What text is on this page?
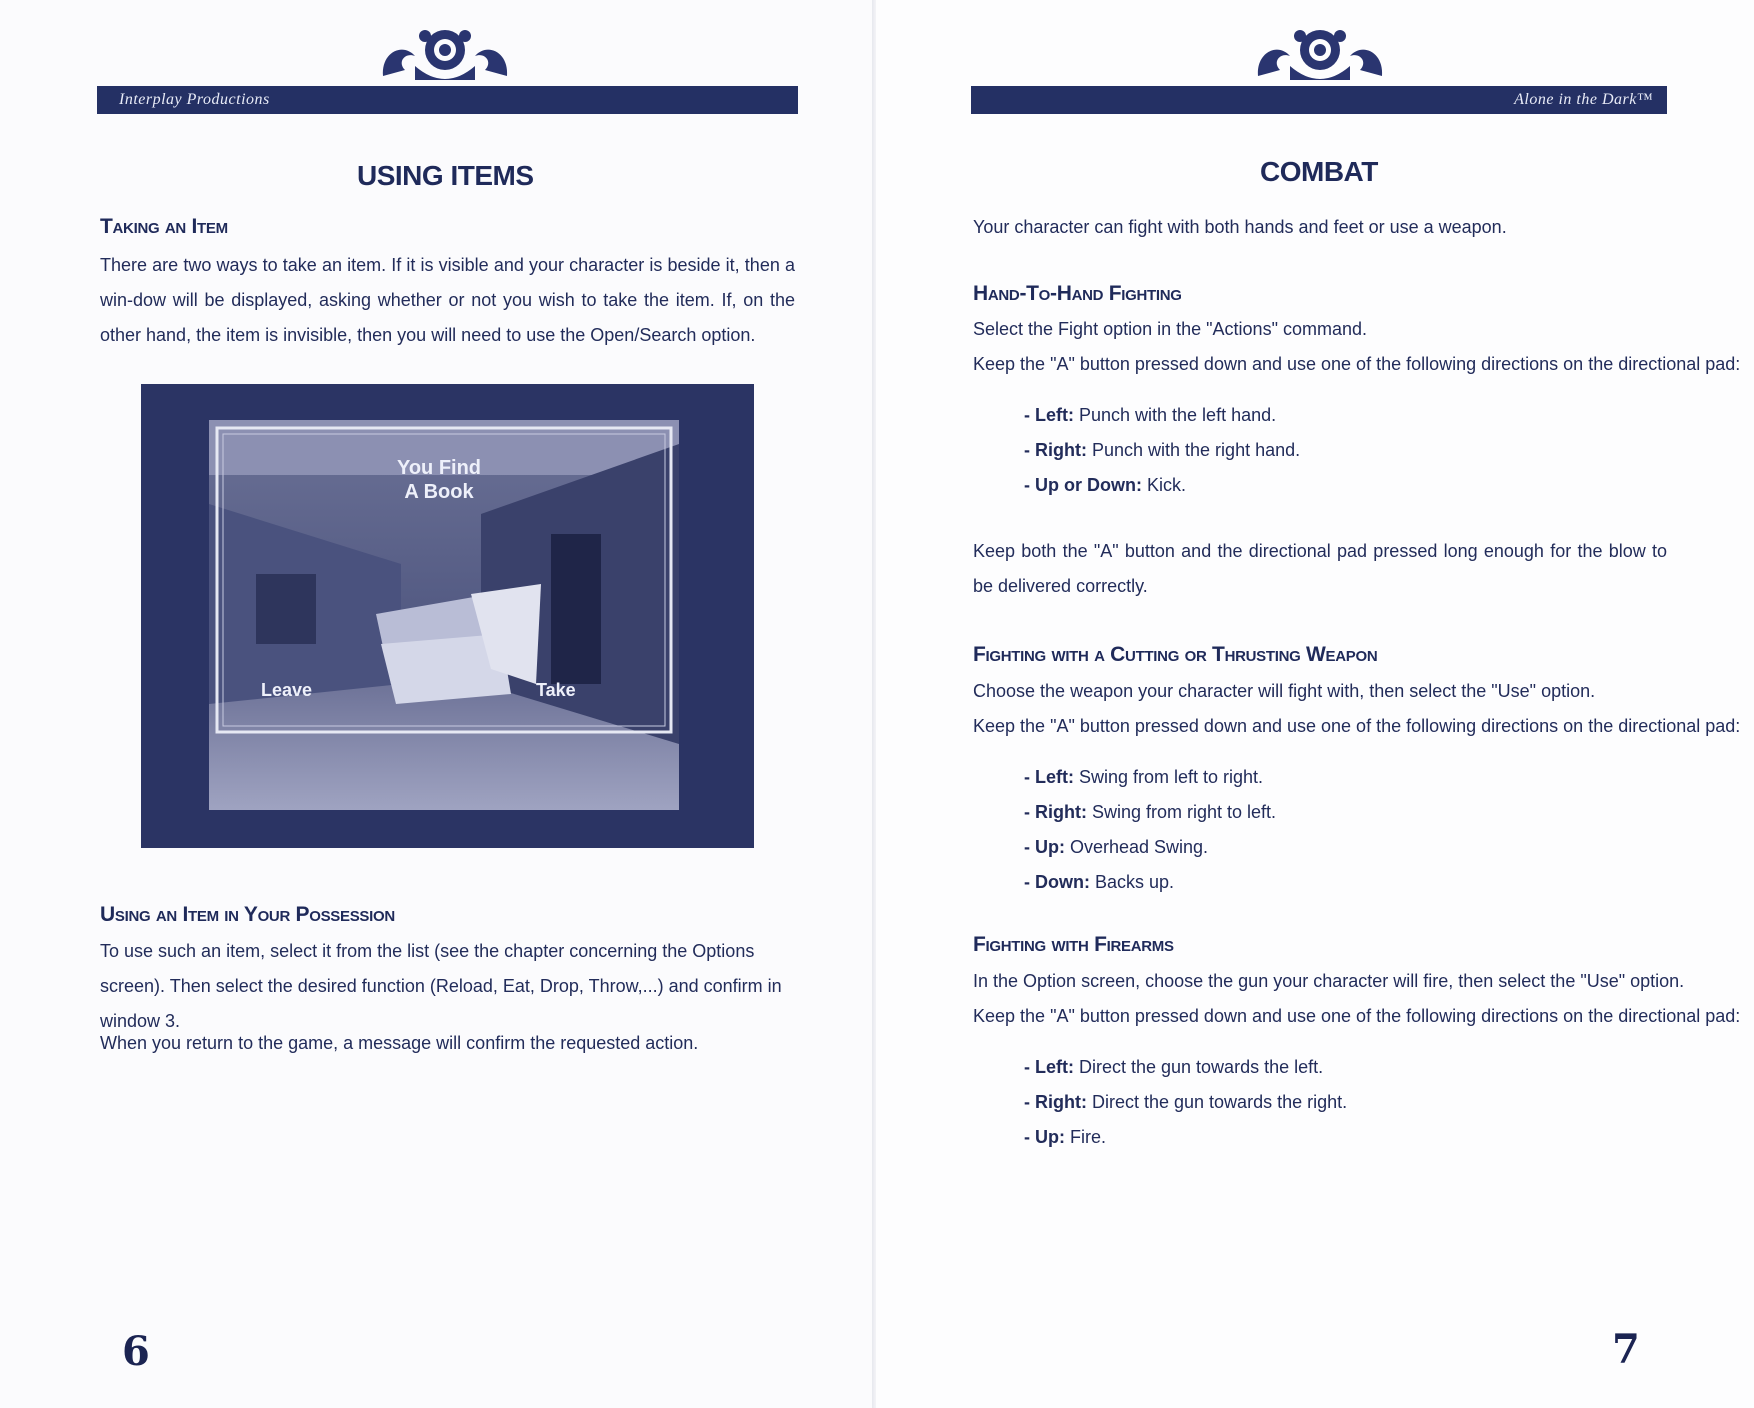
Interplay Productions
USING ITEMS
Taking an Item

There are two ways to take an item. If it is visible and your character is beside it, then a win-dow will be displayed, asking whether or not you wish to take the item. If, on the other hand, the item is invisible, then you will need to use the Open/Search option.

You Find
A Book
Leave	Take
Using an Item in Your Possession

To use such an item, select it from the list (see the chapter concerning the Options screen). Then select the desired function (Reload, Eat, Drop, Throw,...) and confirm in window 3.

When you return to the game, a message will confirm the requested action.

6
Alone in the Dark™
COMBAT

Your character can fight with both hands and feet or use a weapon.

Hand-To-Hand Fighting

Select the Fight option in the "Actions" command.

Keep the "A" button pressed down and use one of the following directions on the directional pad:

- Left: Punch with the left hand.
- Right: Punch with the right hand.
- Up or Down: Kick.

Keep both the "A" button and the directional pad pressed long enough for the blow to be delivered correctly.

Fighting with a Cutting or Thrusting Weapon

Choose the weapon your character will fight with, then select the "Use" option.

Keep the "A" button pressed down and use one of the following directions on the directional pad:

- Left: Swing from left to right.
- Right: Swing from right to left.
- Up: Overhead Swing.
- Down: Backs up.
Fighting with Firearms

In the Option screen, choose the gun your character will fire, then select the "Use" option.

Keep the "A" button pressed down and use one of the following directions on the directional pad:

- Left: Direct the gun towards the left.
- Right: Direct the gun towards the right.
- Up: Fire.
7
